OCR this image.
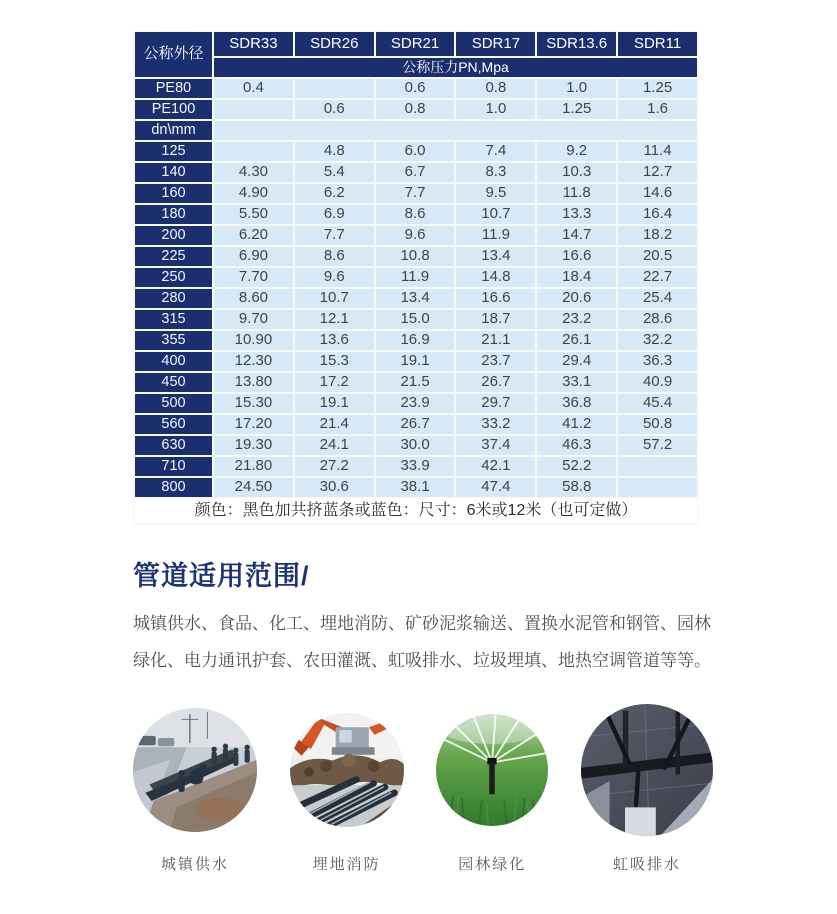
公称外径	SDR33	SDR26	SDR21	SDR17	SDR13.6	SDR11
	公称压力PN,Mpa					
PE80	0.4		0.6	0.8	1.0	1.25
PE100		0.6	0.8	1.0	1.25	1.6
dn\mm						
125		4.8	6.0	7.4	9.2	11.4
140	4.30	5.4	6.7	8.3	10.3	12.7
160	4.90	6.2	7.7	9.5	11.8	14.6
180	5.50	6.9	8.6	10.7	13.3	16.4
200	6.20	7.7	9.6	11.9	14.7	18.2
225	6.90	8.6	10.8	13.4	16.6	20.5
250	7.70	9.6	11.9	14.8	18.4	22.7
280	8.60	10.7	13.4	16.6	20.6	25.4
315	9.70	12.1	15.0	18.7	23.2	28.6
355	10.90	13.6	16.9	21.1	26.1	32.2
400	12.30	15.3	19.1	23.7	29.4	36.3
450	13.80	17.2	21.5	26.7	33.1	40.9
500	15.30	19.1	23.9	29.7	36.8	45.4
560	17.20	21.4	26.7	33.2	41.2	50.8
630	19.30	24.1	30.0	37.4	46.3	57.2
710	21.80	27.2	33.9	42.1	52.2	
800	24.50	30.6	38.1	47.4	58.8	
颜色：黑色加共挤蓝条或蓝色：尺寸：6米或12米（也可定做）						
管道适用范围/

城镇供水、食品、化工、埋地消防、矿砂泥浆输送、置换水泥管和钢管、园林绿化、电力通讯护套、农田灌溉、虹吸排水、垃圾埋填、地热空调管道等等。

城镇供水	埋地消防	园林绿化	虹吸排水
